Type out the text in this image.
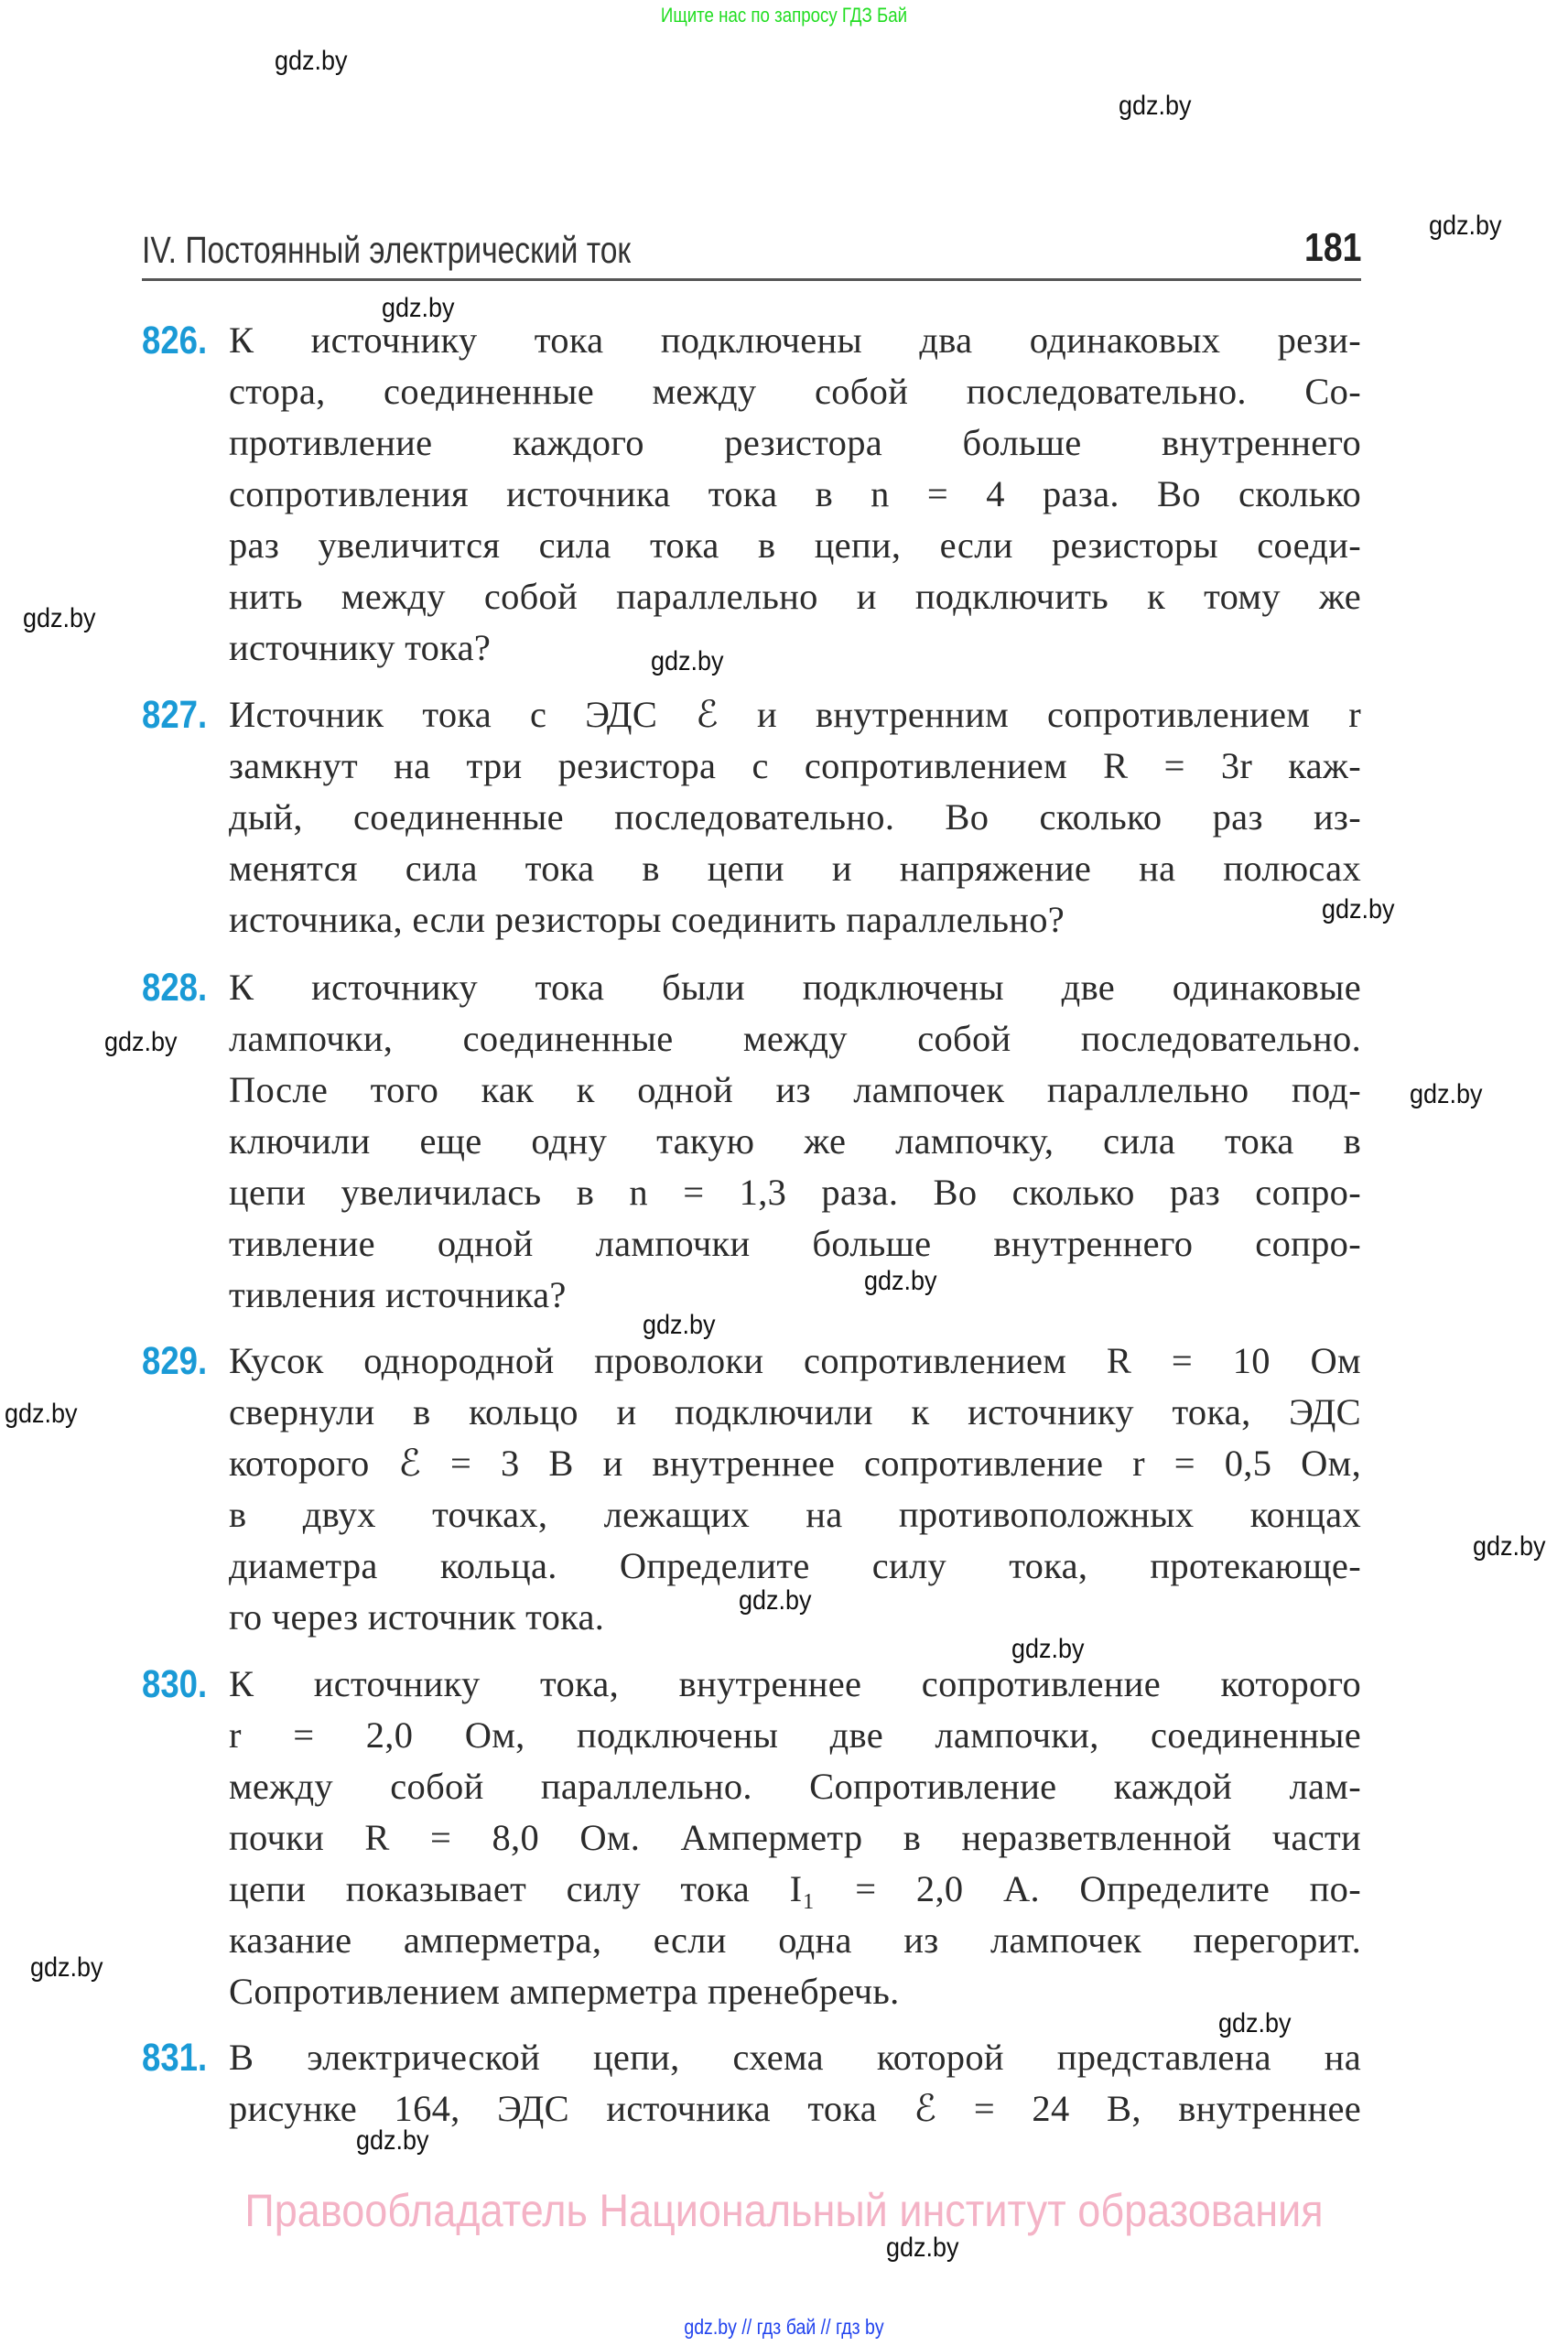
Ищите нас по запросу ГДЗ Бай
IV. Постоянный электрический ток	181
826. К источнику тока подключены два одинаковых рези-
стора, соединенные между собой последовательно. Со-
противление каждого резистора больше внутреннего
сопротивления источника тока в n = 4 раза. Во сколько
раз увеличится сила тока в цепи, если резисторы соеди-
нить между собой параллельно и подключить к тому же
источнику тока?
827. Источник тока с ЭДС ℰ и внутренним сопротивлением r
замкнут на три резистора с сопротивлением R = 3r каж-
дый, соединенные последовательно. Во сколько раз из-
менятся сила тока в цепи и напряжение на полюсах
источника, если резисторы соединить параллельно?
828. К источнику тока были подключены две одинаковые
лампочки, соединенные между собой последовательно.
После того как к одной из лампочек параллельно под-
ключили еще одну такую же лампочку, сила тока в
цепи увеличилась в n = 1,3 раза. Во сколько раз сопро-
тивление одной лампочки больше внутреннего сопро-
тивления источника?
829. Кусок однородной проволоки сопротивлением R = 10 Ом
свернули в кольцо и подключили к источнику тока, ЭДС
которого ℰ = 3 В и внутреннее сопротивление r = 0,5 Ом,
в двух точках, лежащих на противоположных концах
диаметра кольца. Определите силу тока, протекающе-
го через источник тока.
830. К источнику тока, внутреннее сопротивление которого
r = 2,0 Ом, подключены две лампочки, соединенные
между собой параллельно. Сопротивление каждой лам-
почки R = 8,0 Ом. Амперметр в неразветвленной части
цепи показывает силу тока I₁ = 2,0 А. Определите по-
казание амперметра, если одна из лампочек перегорит.
Сопротивлением амперметра пренебречь.
831. В электрической цепи, схема которой представлена на
рисунке 164, ЭДС источника тока ℰ = 24 В, внутреннее
gdz.by
gdz.by
gdz.by
gdz.by
gdz.by
gdz.by
gdz.by
gdz.by
gdz.by
gdz.by
gdz.by
gdz.by
gdz.by
gdz.by
gdz.by
gdz.by
gdz.by
gdz.by
gdz.by
Правообладатель Национальный институт образования
gdz.by // гдз бай // гдз by
